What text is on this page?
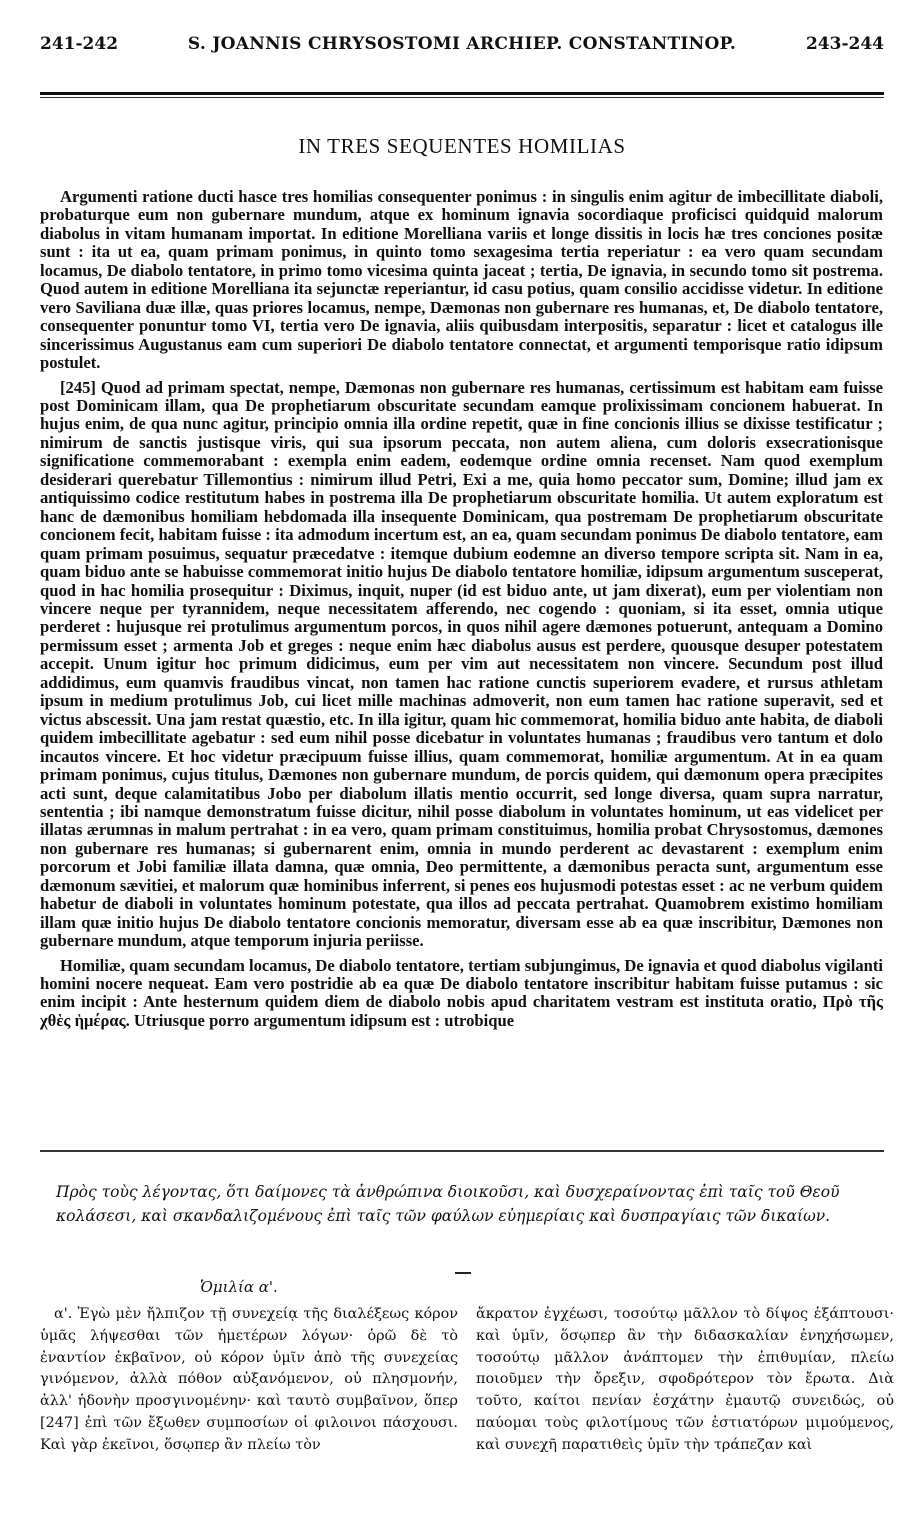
241-242	S. JOANNIS CHRYSOSTOMI ARCHIEP. CONSTANTINOP.	243-244
IN TRES SEQUENTES HOMILIAS

Argumenti ratione ducti hasce tres homilias consequenter ponimus : in singulis enim agitur de imbecillitate diaboli, probaturque eum non gubernare mundum, atque ex hominum ignavia socordiaque proficisci quidquid malorum diabolus in vitam humanam importat. In editione Morelliana variis et longe dissitis in locis hæ tres conciones positæ sunt : ita ut ea, quam primam ponimus, in quinto tomo sexagesima tertia reperiatur : ea vero quam secundam locamus, De diabolo tentatore, in primo tomo vicesima quinta jaceat ; tertia, De ignavia, in secundo tomo sit postrema. Quod autem in editione Morelliana ita sejunctæ reperiantur, id casu potius, quam consilio accidisse videtur. In editione vero Saviliana duæ illæ, quas priores locamus, nempe, Dæmonas non gubernare res humanas, et, De diabolo tentatore, consequenter ponuntur tomo VI, tertia vero De ignavia, aliis quibusdam interpositis, separatur : licet et catalogus ille sincerissimus Augustanus eam cum superiori De diabolo tentatore connectat, et argumenti temporisque ratio idipsum postulet.

[245] Quod ad primam spectat, nempe, Dæmonas non gubernare res humanas, certissimum est habitam eam fuisse post Dominicam illam, qua De prophetiarum obscuritate secundam eamque prolixissimam concionem habuerat. In hujus enim, de qua nunc agitur, principio omnia illa ordine repetit, quæ in fine concionis illius se dixisse testificatur ; nimirum de sanctis justisque viris, qui sua ipsorum peccata, non autem aliena, cum doloris exsecrationisque significatione commemorabant : exempla enim eadem, eodemque ordine omnia recenset. Nam quod exemplum desiderari querebatur Tillemontius : nimirum illud Petri, Exi a me, quia homo peccator sum, Domine; illud jam ex antiquissimo codice restitutum habes in postrema illa De prophetiarum obscuritate homilia. Ut autem exploratum est hanc de dæmonibus homiliam hebdomada illa insequente Dominicam, qua postremam De prophetiarum obscuritate concionem fecit, habitam fuisse : ita admodum incertum est, an ea, quam secundam ponimus De diabolo tentatore, eam quam primam posuimus, sequatur præcedatve : itemque dubium eodemne an diverso tempore scripta sit. Nam in ea, quam biduo ante se habuisse commemorat initio hujus De diabolo tentatore homiliæ, idipsum argumentum susceperat, quod in hac homilia prosequitur : Diximus, inquit, nuper (id est biduo ante, ut jam dixerat), eum per violentiam non vincere neque per tyrannidem, neque necessitatem afferendo, nec cogendo : quoniam, si ita esset, omnia utique perderet : hujusque rei protulimus argumentum porcos, in quos nihil agere dæmones potuerunt, antequam a Domino permissum esset ; armenta Job et greges : neque enim hæc diabolus ausus est perdere, quousque desuper potestatem accepit. Unum igitur hoc primum didicimus, eum per vim aut necessitatem non vincere. Secundum post illud addidimus, eum quamvis fraudibus vincat, non tamen hac ratione cunctis superiorem evadere, et rursus athletam ipsum in medium protulimus Job, cui licet mille machinas admoverit, non eum tamen hac ratione superavit, sed et victus abscessit. Una jam restat quæstio, etc. In illa igitur, quam hic commemorat, homilia biduo ante habita, de diaboli quidem imbecillitate agebatur : sed eum nihil posse dicebatur in voluntates humanas ; fraudibus vero tantum et dolo incautos vincere. Et hoc videtur præcipuum fuisse illius, quam commemorat, homiliæ argumentum. At in ea quam primam ponimus, cujus titulus, Dæmones non gubernare mundum, de porcis quidem, qui dæmonum opera præcipites acti sunt, deque calamitatibus Jobo per diabolum illatis mentio occurrit, sed longe diversa, quam supra narratur, sententia ; ibi namque demonstratum fuisse dicitur, nihil posse diabolum in voluntates hominum, ut eas videlicet per illatas ærumnas in malum pertrahat : in ea vero, quam primam constituimus, homilia probat Chrysostomus, dæmones non gubernare res humanas; si gubernarent enim, omnia in mundo perderent ac devastarent : exemplum enim porcorum et Jobi familiæ illata damna, quæ omnia, Deo permittente, a dæmonibus peracta sunt, argumentum esse dæmonum sævitiei, et malorum quæ hominibus inferrent, si penes eos hujusmodi potestas esset : ac ne verbum quidem habetur de diaboli in voluntates hominum potestate, qua illos ad peccata pertrahat. Quamobrem existimo homiliam illam quæ initio hujus De diabolo tentatore concionis memoratur, diversam esse ab ea quæ inscribitur, Dæmones non gubernare mundum, atque temporum injuria periisse.

Homiliæ, quam secundam locamus, De diabolo tentatore, tertiam subjungimus, De ignavia et quod diabolus vigilanti homini nocere nequeat. Eam vero postridie ab ea quæ De diabolo tentatore inscribitur habitam fuisse putamus : sic enim incipit : Ante hesternum quidem diem de diabolo nobis apud charitatem vestram est instituta oratio, Πρὸ τῆς χθὲς ἡμέρας. Utriusque porro argumentum idipsum est : utrobique

Πρὸς τοὺς λέγοντας, ὅτι δαίμονες τὰ ἀνθρώπινα διοικοῦσι, καὶ δυσχεραίνοντας ἐπὶ ταῖς τοῦ Θεοῦ κολάσεσι, καὶ σκανδαλιζομένους ἐπὶ ταῖς τῶν φαύλων εὐημερίαις καὶ δυσπραγίαις τῶν δικαίων.
Ὁμιλία α'.

α'. Ἐγὼ μὲν ἤλπιζον τῇ συνεχείᾳ τῆς διαλέξεως κόρον ὑμᾶς λήψεσθαι τῶν ἡμετέρων λόγων· ὁρῶ δὲ τὸ ἐναντίον ἐκβαῖνον, οὐ κόρον ὑμῖν ἀπὸ τῆς συνεχείας γινόμενον, ἀλλὰ πόθον αὐξανόμενον, οὐ πλησμονήν, ἀλλ' ἡδονὴν προσγινομένην· καὶ ταυτὸ συμβαῖνον, ὅπερ [247] ἐπὶ τῶν ἔξωθεν συμποσίων οἱ φιλοινοι πάσχουσι. Καὶ γὰρ ἐκεῖνοι, ὅσῳπερ ἂν πλείω τὸν

ἄκρατον ἐγχέωσι, τοσούτῳ μᾶλλον τὸ δίψος ἐξάπτουσι· καὶ ὑμῖν, ὅσῳπερ ἂν τὴν διδασκαλίαν ἐνηχήσωμεν, τοσούτῳ μᾶλλον ἀνάπτομεν τὴν ἐπιθυμίαν, πλείω ποιοῦμεν τὴν ὄρεξιν, σφοδρότερον τὸν ἔρωτα. Διὰ τοῦτο, καίτοι πενίαν ἐσχάτην ἐμαυτῷ συνειδώς, οὐ παύομαι τοὺς φιλοτίμους τῶν ἑστιατόρων μιμούμενος, καὶ συνεχῆ παρατιθεὶς ὑμῖν τὴν τράπεζαν καὶ
